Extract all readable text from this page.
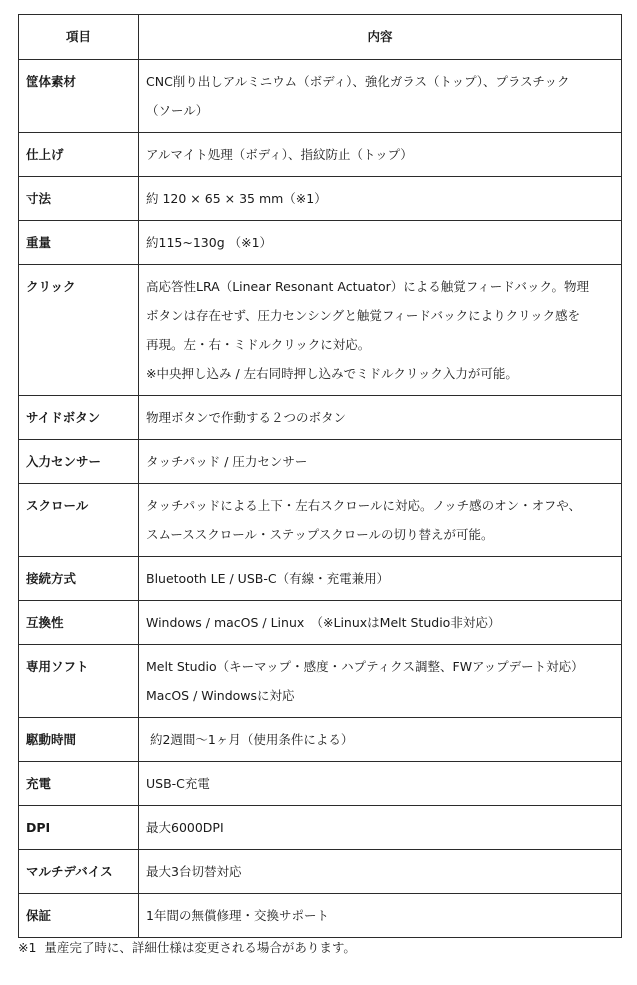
項目	内容
筐体素材	CNC削り出しアルミニウム（ボディ）、強化ガラス（トップ）、プラスチック
（ソール）

仕上げ	アルマイト処理（ボディ）、指紋防止（トップ）

寸法	約 120 × 65 × 35 mm（※1）

重量	約115~130g （※1）

クリック	高応答性LRA（Linear Resonant Actuator）による触覚フィードバック。物理
ボタンは存在せず、圧力センシングと触覚フィードバックによりクリック感を
再現。左・右・ミドルクリックに対応。
※中央押し込み / 左右同時押し込みでミドルクリック入力が可能。

サイドボタン	物理ボタンで作動する２つのボタン

入力センサー	タッチパッド / 圧力センサー

スクロール	タッチパッドによる上下・左右スクロールに対応。ノッチ感のオン・オフや、
スムーススクロール・ステップスクロールの切り替えが可能。

接続方式	Bluetooth LE / USB-C（有線・充電兼用）

互換性	Windows / macOS / Linux　（※LinuxはMelt Studio非対応）

専用ソフト	Melt Studio（キーマップ・感度・ハプティクス調整、FWアップデート対応）
MacOS / Windowsに対応

駆動時間	約2週間〜1ヶ月（使用条件による）

充電	USB-C充電

DPI	最大6000DPI

マルチデバイス	最大3台切替対応

保証	1年間の無償修理・交換サポート
※1  量産完了時に、詳細仕様は変更される場合があります。
